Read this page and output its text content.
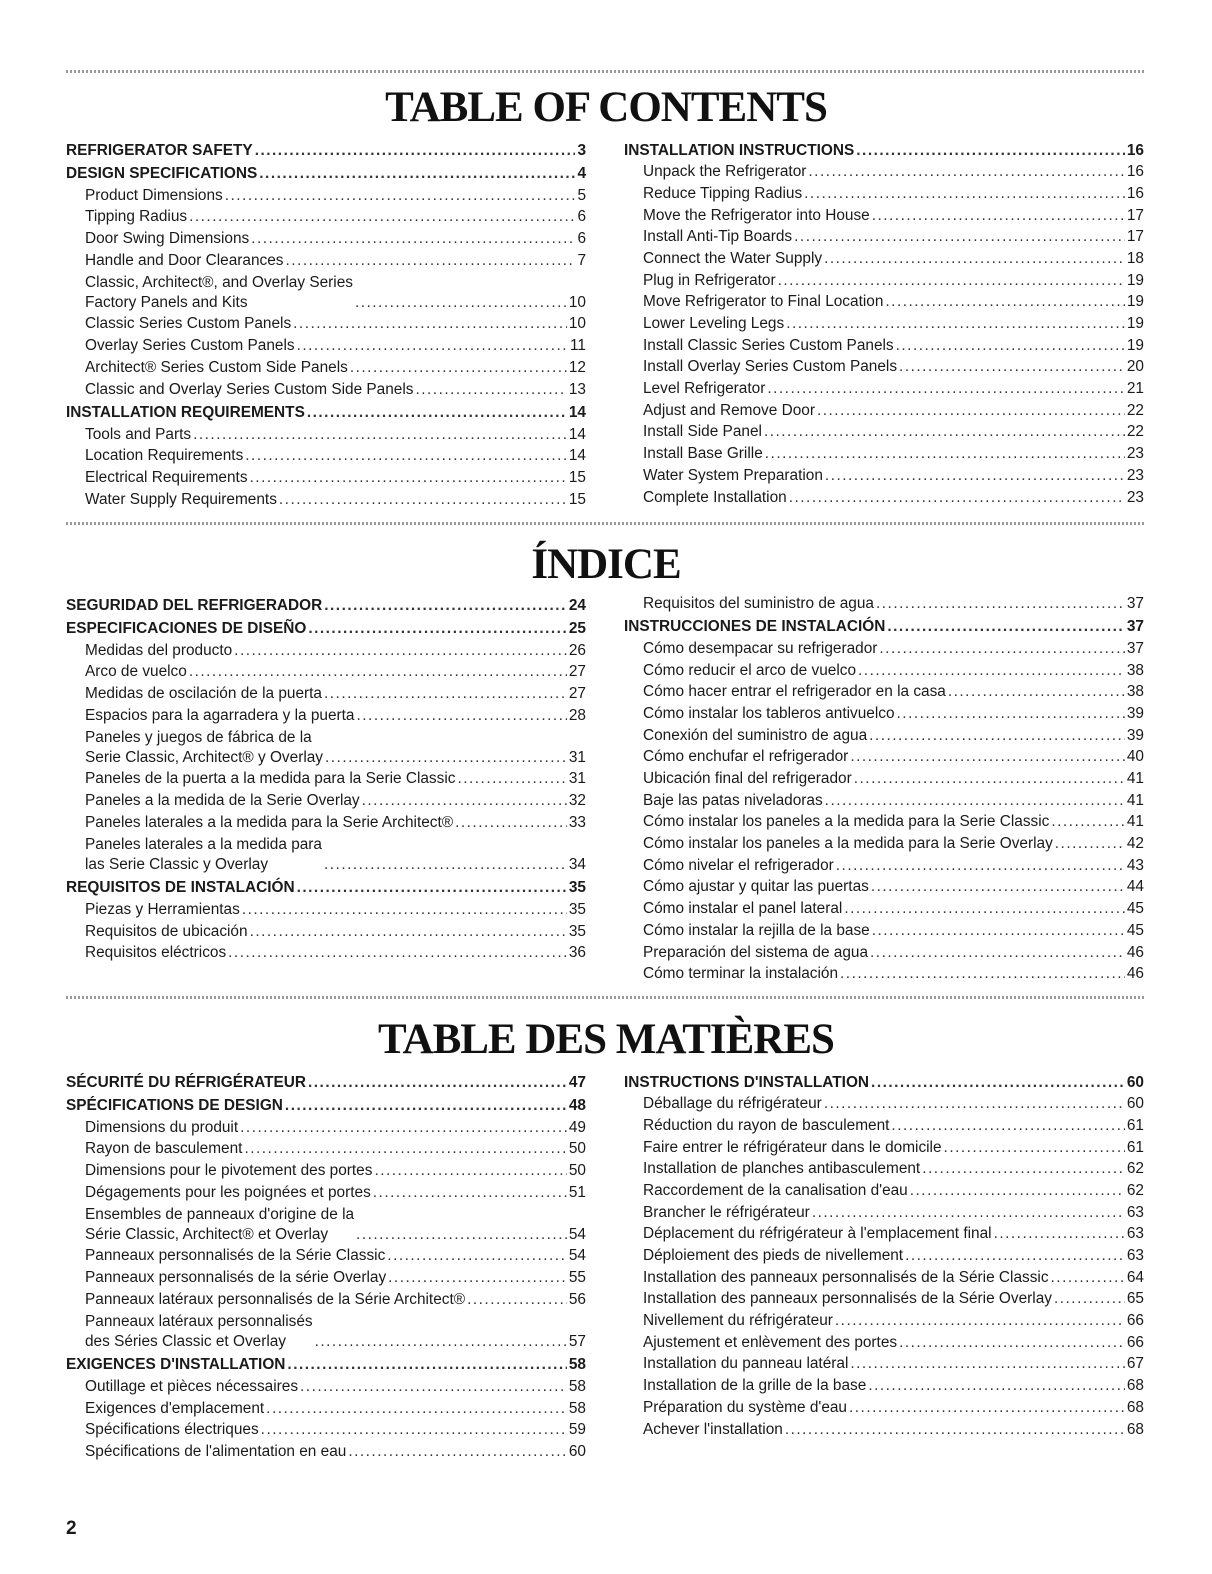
TABLE OF CONTENTS
REFRIGERATOR SAFETY .....	3
DESIGN SPECIFICATIONS .....	4
Product Dimensions .....	5
Tipping Radius .....	6
Door Swing Dimensions .....	6
Handle and Door Clearances .....	7
Classic, Architect®, and Overlay Series
Factory Panels and Kits .....	10
Classic Series Custom Panels .....	10
Overlay Series Custom Panels .....	11
Architect® Series Custom Side Panels .....	12
Classic and Overlay Series Custom Side Panels .....	13
INSTALLATION REQUIREMENTS .....	14
Tools and Parts .....	14
Location Requirements .....	14
Electrical Requirements .....	15
Water Supply Requirements .....	15
INSTALLATION INSTRUCTIONS .....	16
Unpack the Refrigerator .....	16
Reduce Tipping Radius .....	16
Move the Refrigerator into House .....	17
Install Anti-Tip Boards .....	17
Connect the Water Supply .....	18
Plug in Refrigerator .....	19
Move Refrigerator to Final Location .....	19
Lower Leveling Legs .....	19
Install Classic Series Custom Panels .....	19
Install Overlay Series Custom Panels .....	20
Level Refrigerator .....	21
Adjust and Remove Door .....	22
Install Side Panel .....	22
Install Base Grille .....	23
Water System Preparation .....	23
Complete Installation .....	23
ÍNDICE
SEGURIDAD DEL REFRIGERADOR .....	24
ESPECIFICACIONES DE DISEÑO .....	25
Medidas del producto .....	26
Arco de vuelco .....	27
Medidas de oscilación de la puerta .....	27
Espacios para la agarradera y la puerta .....	28
Paneles y juegos de fábrica de la
Serie Classic, Architect® y Overlay .....	31
Paneles de la puerta a la medida para la Serie Classic .....	31
Paneles a la medida de la Serie Overlay .....	32
Paneles laterales a la medida para la Serie Architect® .....	33
Paneles laterales a la medida para
las Serie Classic y Overlay .....	34
REQUISITOS DE INSTALACIÓN .....	35
Piezas y Herramientas .....	35
Requisitos de ubicación .....	35
Requisitos eléctricos .....	36
Requisitos del suministro de agua .....	37
INSTRUCCIONES DE INSTALACIÓN .....	37
Cómo desempacar su refrigerador .....	37
Cómo reducir el arco de vuelco .....	38
Cómo hacer entrar el refrigerador en la casa .....	38
Cómo instalar los tableros antivuelco .....	39
Conexión del suministro de agua .....	39
Cómo enchufar el refrigerador .....	40
Ubicación final del refrigerador .....	41
Baje las patas niveladoras .....	41
Cómo instalar los paneles a la medida para la Serie Classic .....	41
Cómo instalar los paneles a la medida para la Serie Overlay .....	42
Cómo nivelar el refrigerador .....	43
Cómo ajustar y quitar las puertas .....	44
Cómo instalar el panel lateral .....	45
Cómo instalar la rejilla de la base .....	45
Preparación del sistema de agua .....	46
Cómo terminar la instalación .....	46
TABLE DES MATIÈRES
SÉCURITÉ DU RÉFRIGÉRATEUR .....	47
SPÉCIFICATIONS DE DESIGN .....	48
Dimensions du produit .....	49
Rayon de basculement .....	50
Dimensions pour le pivotement des portes .....	50
Dégagements pour les poignées et portes .....	51
Ensembles de panneaux d'origine de la
Série Classic, Architect® et Overlay .....	54
Panneaux personnalisés de la Série Classic .....	54
Panneaux personnalisés de la série Overlay .....	55
Panneaux latéraux personnalisés de la Série Architect® .....	56
Panneaux latéraux personnalisés
des Séries Classic et Overlay .....	57
EXIGENCES D'INSTALLATION .....	58
Outillage et pièces nécessaires .....	58
Exigences d'emplacement .....	58
Spécifications électriques .....	59
Spécifications de l'alimentation en eau .....	60
INSTRUCTIONS D'INSTALLATION .....	60
Déballage du réfrigérateur .....	60
Réduction du rayon de basculement .....	61
Faire entrer le réfrigérateur dans le domicile .....	61
Installation de planches antibasculement .....	62
Raccordement de la canalisation d'eau .....	62
Brancher le réfrigérateur .....	63
Déplacement du réfrigérateur à l'emplacement final .....	63
Déploiement des pieds de nivellement .....	63
Installation des panneaux personnalisés de la Série Classic .....	64
Installation des panneaux personnalisés de la Série Overlay .....	65
Nivellement du réfrigérateur .....	66
Ajustement et enlèvement des portes .....	66
Installation du panneau latéral .....	67
Installation de la grille de la base .....	68
Préparation du système d'eau .....	68
Achever l'installation .....	68
2
